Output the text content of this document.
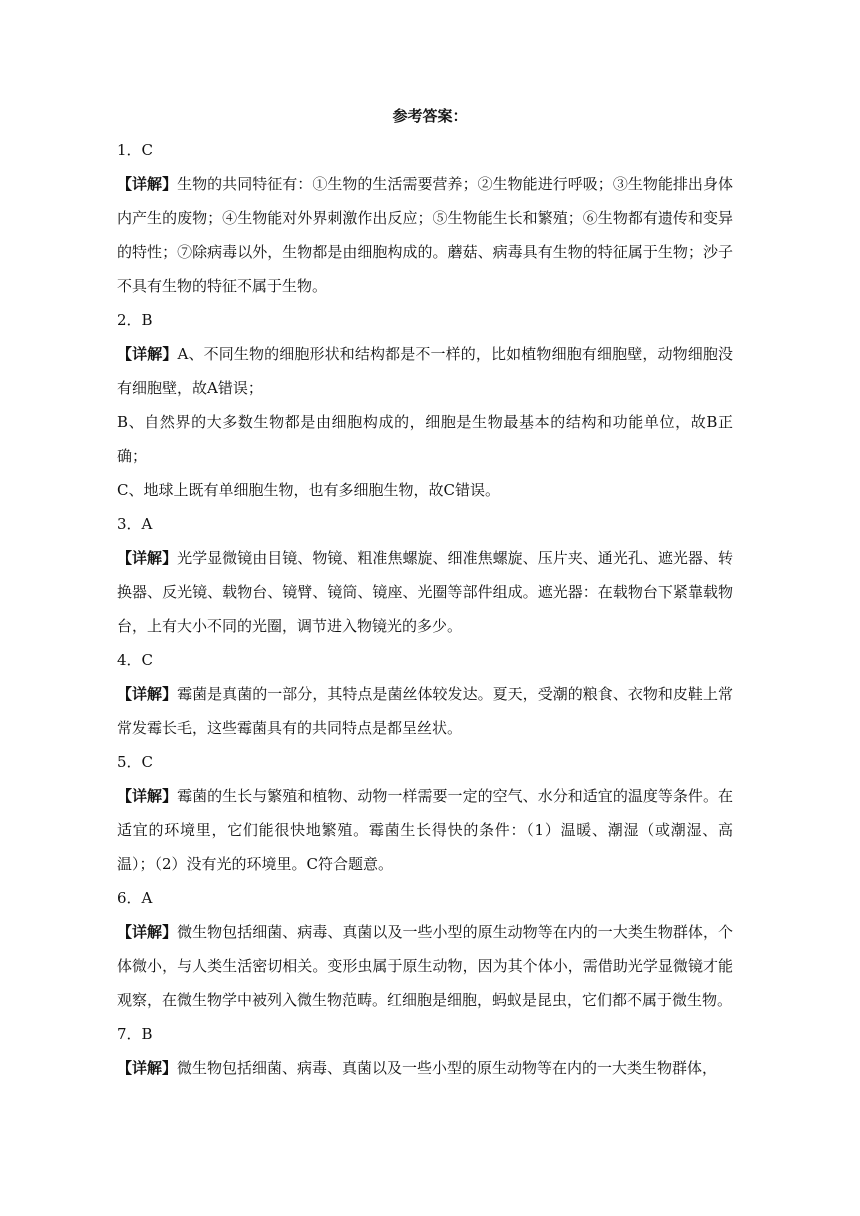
参考答案：

1．C

【详解】生物的共同特征有：①生物的生活需要营养；②生物能进行呼吸；③生物能排出身体内产生的废物；④生物能对外界刺激作出反应；⑤生物能生长和繁殖；⑥生物都有遗传和变异的特性；⑦除病毒以外，生物都是由细胞构成的。蘑菇、病毒具有生物的特征属于生物；沙子不具有生物的特征不属于生物。

2．B

【详解】A、不同生物的细胞形状和结构都是不一样的，比如植物细胞有细胞壁，动物细胞没有细胞壁，故A错误；

B、自然界的大多数生物都是由细胞构成的，细胞是生物最基本的结构和功能单位，故B正确；

C、地球上既有单细胞生物，也有多细胞生物，故C错误。

3．A

【详解】光学显微镜由目镜、物镜、粗准焦螺旋、细准焦螺旋、压片夹、通光孔、遮光器、转换器、反光镜、载物台、镜臂、镜筒、镜座、光圈等部件组成。遮光器：在载物台下紧靠载物台，上有大小不同的光圈，调节进入物镜光的多少。

4．C

【详解】霉菌是真菌的一部分，其特点是菌丝体较发达。夏天，受潮的粮食、衣物和皮鞋上常常发霉长毛，这些霉菌具有的共同特点是都呈丝状。

5．C

【详解】霉菌的生长与繁殖和植物、动物一样需要一定的空气、水分和适宜的温度等条件。在适宜的环境里，它们能很快地繁殖。霉菌生长得快的条件：（1）温暖、潮湿（或潮湿、高温）；（2）没有光的环境里。C符合题意。

6．A

【详解】微生物包括细菌、病毒、真菌以及一些小型的原生动物等在内的一大类生物群体，个体微小，与人类生活密切相关。变形虫属于原生动物，因为其个体小，需借助光学显微镜才能观察，在微生物学中被列入微生物范畴。红细胞是细胞，蚂蚁是昆虫，它们都不属于微生物。

7．B

【详解】微生物包括细菌、病毒、真菌以及一些小型的原生动物等在内的一大类生物群体，
